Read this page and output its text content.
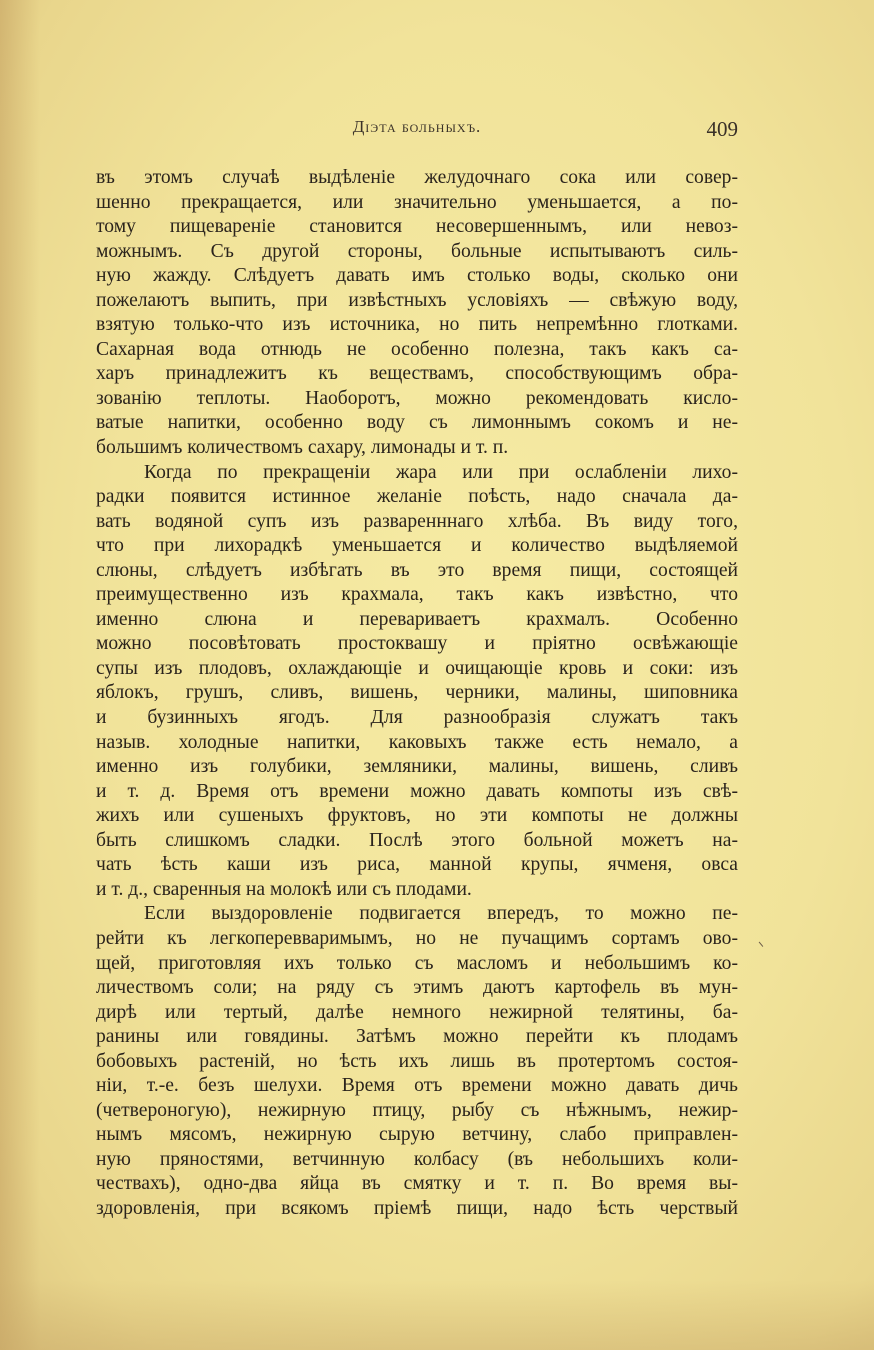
Діэта больныхъ.	409
въ этомъ случаѣ выдѣленіе желудочнаго сока или совер-
шенно прекращается, или значительно уменьшается, а по-
тому пищевареніе становится несовершеннымъ, или невоз-
можнымъ. Съ другой стороны, больные испытываютъ силь-
ную жажду. Слѣдуетъ давать имъ столько воды, сколько они
пожелаютъ выпить, при извѣстныхъ условіяхъ — свѣжую воду,
взятую только-что изъ источника, но пить непремѣнно глотками.
Сахарная вода отнюдь не особенно полезна, такъ какъ са-
харъ принадлежитъ къ веществамъ, способствующимъ обра-
зованію теплоты. Наоборотъ, можно рекомендовать кисло-
ватые напитки, особенно воду съ лимоннымъ сокомъ и не-
большимъ количествомъ сахару, лимонады и т. п.
Когда по прекращеніи жара или при ослабленіи лихо-
радки появится истинное желаніе поѣсть, надо сначала да-
вать водяной супъ изъ разваренннаго хлѣба. Въ виду того,
что при лихорадкѣ уменьшается и количество выдѣляемой
слюны, слѣдуетъ избѣгать въ это время пищи, состоящей
преимущественно изъ крахмала, такъ какъ извѣстно, что
именно слюна и перевариваетъ крахмалъ. Особенно
можно посовѣтовать простоквашу и пріятно освѣжающіе
супы изъ плодовъ, охлаждающіе и очищающіе кровь и соки: изъ
яблокъ, грушъ, сливъ, вишень, черники, малины, шиповника
и бузинныхъ ягодъ. Для разнообразія служатъ такъ
назыв. холодные напитки, каковыхъ также есть немало, а
именно изъ голубики, земляники, малины, вишень, сливъ
и т. д. Время отъ времени можно давать компоты изъ свѣ-
жихъ или сушеныхъ фруктовъ, но эти компоты не должны
быть слишкомъ сладки. Послѣ этого больной можетъ на-
чать ѣсть каши изъ риса, манной крупы, ячменя, овса
и т. д., сваренныя на молокѣ или съ плодами.
Если выздоровленіе подвигается впередъ, то можно пе-
рейти къ легкоперевваримымъ, но не пучащимъ сортамъ ово-
щей, приготовляя ихъ только съ масломъ и небольшимъ ко-
личествомъ соли; на ряду съ этимъ даютъ картофель въ мун-
дирѣ или тертый, далѣе немного нежирной телятины, ба-
ранины или говядины. Затѣмъ можно перейти къ плодамъ
бобовыхъ растеній, но ѣсть ихъ лишь въ протертомъ состоя-
ніи, т.-е. безъ шелухи. Время отъ времени можно давать дичь
(четвероногую), нежирную птицу, рыбу съ нѣжнымъ, нежир-
нымъ мясомъ, нежирную сырую ветчину, слабо приправлен-
ную пряностями, ветчинную колбасу (въ небольшихъ коли-
чествахъ), одно-два яйца въ смятку и т. п. Во время вы-
здоровленія, при всякомъ пріемѣ пищи, надо ѣсть черствый
